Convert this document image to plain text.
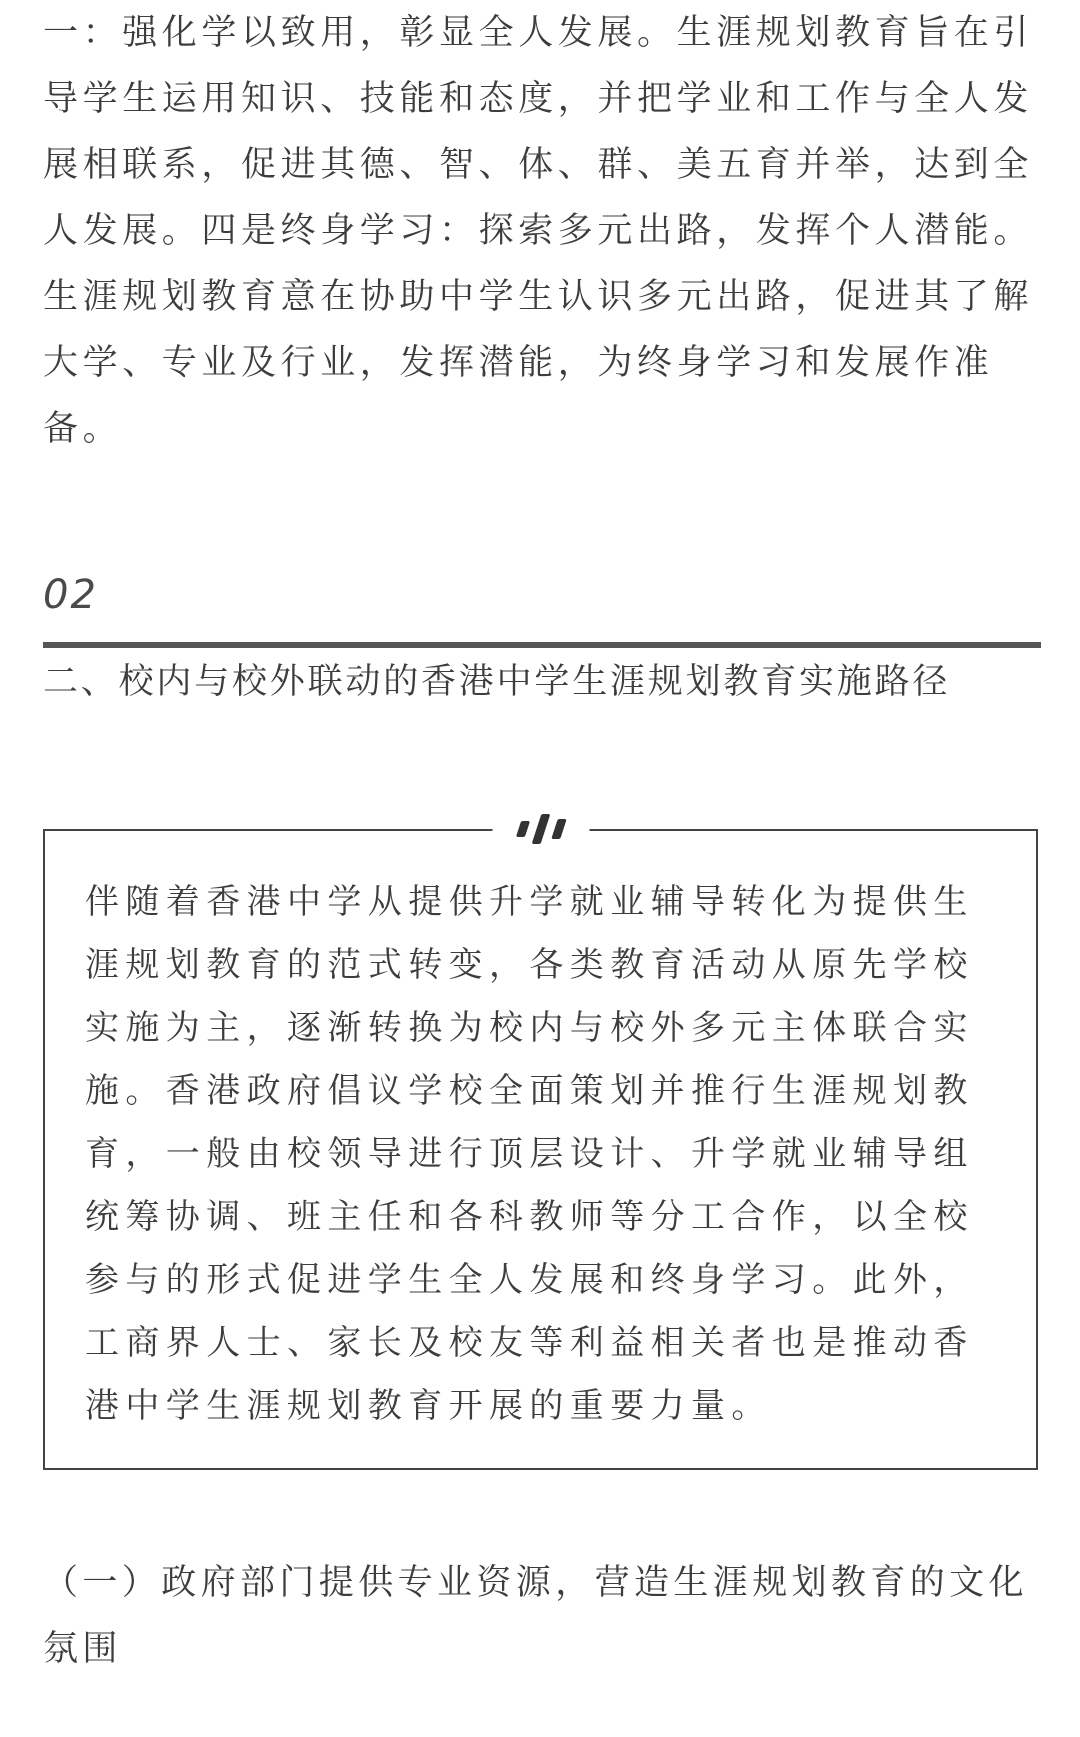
一：强化学以致用，彰显全人发展。生涯规划教育旨在引导学生运用知识、技能和态度，并把学业和工作与全人发展相联系，促进其德、智、体、群、美五育并举，达到全人发展。四是终身学习：探索多元出路，发挥个人潜能。生涯规划教育意在协助中学生认识多元出路，促进其了解大学、专业及行业，发挥潜能，为终身学习和发展作准备。

02
二、校内与校外联动的香港中学生涯规划教育实施路径

伴随着香港中学从提供升学就业辅导转化为提供生涯规划教育的范式转变，各类教育活动从原先学校实施为主，逐渐转换为校内与校外多元主体联合实施。香港政府倡议学校全面策划并推行生涯规划教育，一般由校领导进行顶层设计、升学就业辅导组统筹协调、班主任和各科教师等分工合作，以全校参与的形式促进学生全人发展和终身学习。此外，工商界人士、家长及校友等利益相关者也是推动香港中学生涯规划教育开展的重要力量。

（一）政府部门提供专业资源，营造生涯规划教育的文化氛围
